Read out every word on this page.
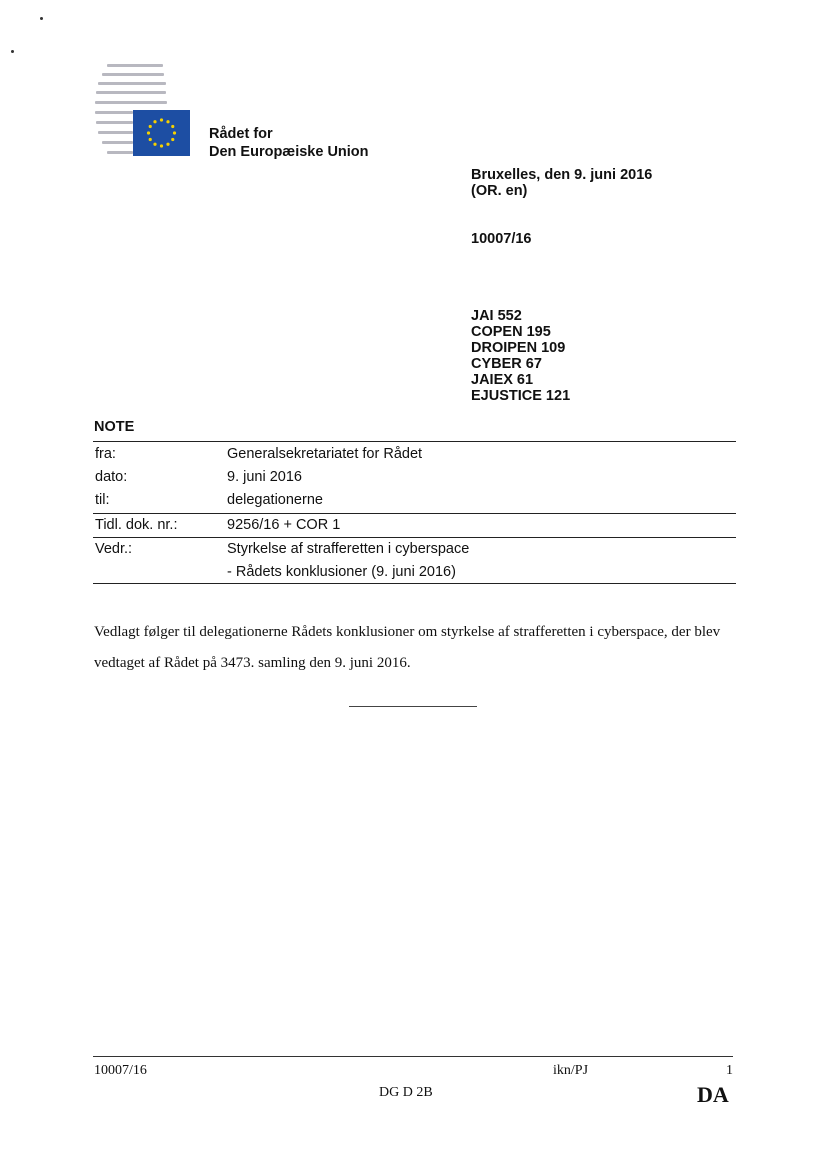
Rådet for
Den Europæiske Union
Bruxelles, den 9. juni 2016
(OR. en)
10007/16
JAI 552
COPEN 195
DROIPEN 109
CYBER 67
JAIEX 61
EJUSTICE 121
NOTE
fra:	Generalsekretariatet for Rådet
dato:	9. juni 2016
til:	delegationerne
Tidl. dok. nr.:	9256/16 + COR 1
Vedr.:	Styrkelse af strafferetten i cyberspace
- Rådets konklusioner (9. juni 2016)
Vedlagt følger til delegationerne Rådets konklusioner om styrkelse af strafferetten i cyberspace, der blev vedtaget af Rådet på 3473. samling den 9. juni 2016.
10007/16	ikn/PJ	1
DG D 2B	DA
